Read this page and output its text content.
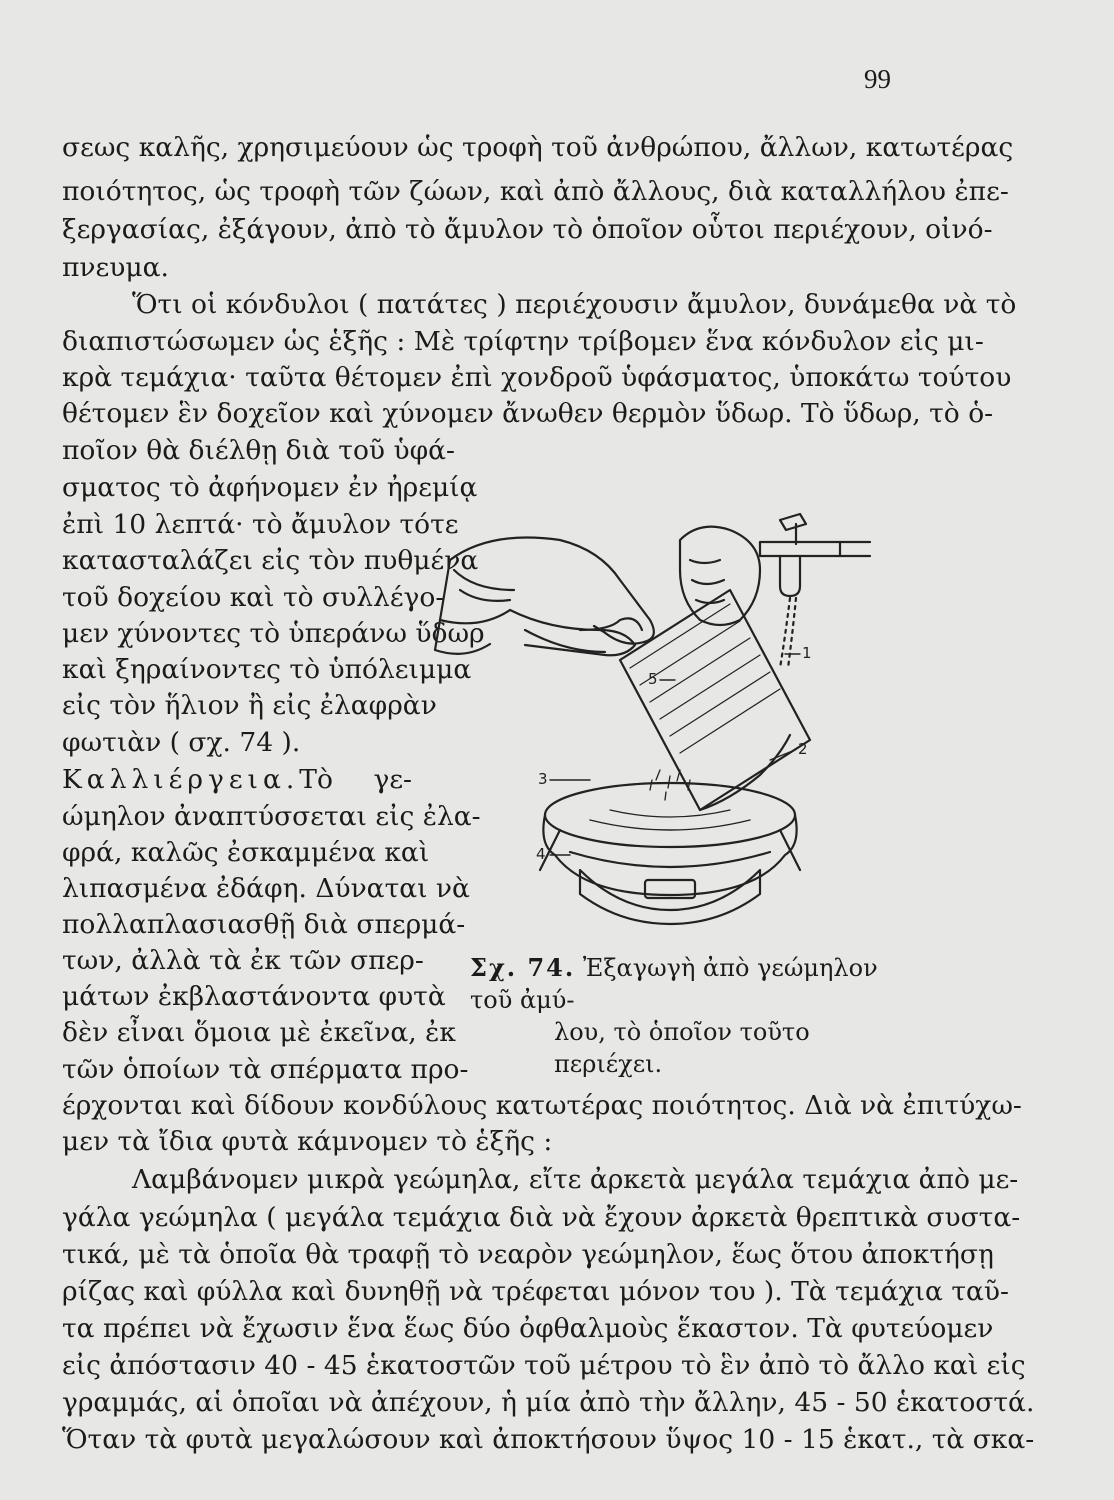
99
σεως καλῆς, χρησιμεύουν ὡς τροφὴ τοῦ ἀνθρώπου, ἄλλων, κατωτέρας
ποιότητος, ὡς τροφὴ τῶν ζώων, καὶ ἀπὸ ἄλλους, διὰ καταλλήλου ἐπε-
ξεργασίας, ἐξάγουν, ἀπὸ τὸ ἄμυλον τὸ ὁποῖον οὗτοι περιέχουν, οἰνό-
πνευμα.
Ὅτι οἱ κόνδυλοι ( πατάτες ) περιέχουσιν ἄμυλον, δυνάμεθα νὰ τὸ
διαπιστώσωμεν ὡς ἑξῆς : Μὲ τρίφτην τρίβομεν ἕνα κόνδυλον εἰς μι-
κρὰ τεμάχια· ταῦτα θέτομεν ἐπὶ χονδροῦ ὑφάσματος, ὑποκάτω τούτου
θέτομεν ἓν δοχεῖον καὶ χύνομεν ἄνωθεν θερμὸν ὕδωρ. Τὸ ὕδωρ, τὸ ὁ-
ποῖον θὰ διέλθῃ διὰ τοῦ ὑφά-
σματος τὸ ἀφήνομεν ἐν ἠρεμίᾳ
ἐπὶ 10 λεπτά· τὸ ἄμυλον τότε
κατασταλάζει εἰς τὸν πυθμένα
τοῦ δοχείου καὶ τὸ συλλέγο-
μεν χύνοντες τὸ ὑπεράνω ὕδωρ
καὶ ξηραίνοντες τὸ ὑπόλειμμα
εἰς τὸν ἥλιον ἢ εἰς ἐλαφρὰν
φωτιὰν ( σχ. 74 ).
Καλλιέργεια.Τὸ γε-
ώμηλον ἀναπτύσσεται εἰς ἐλα-
φρά, καλῶς ἐσκαμμένα καὶ
λιπασμένα ἐδάφη. Δύναται νὰ
πολλαπλασιασθῇ διὰ σπερμά-
των, ἀλλὰ τὰ ἐκ τῶν σπερ-
μάτων ἐκβλαστάνοντα φυτὰ
δὲν εἶναι ὅμοια μὲ ἐκεῖνα, ἐκ
τῶν ὁποίων τὰ σπέρματα προ-
έρχονται καὶ δίδουν κονδύλους κατωτέρας ποιότητος. Διὰ νὰ ἐπιτύχω-
μεν τὰ ἴδια φυτὰ κάμνομεν τὸ ἑξῆς :
Λαμβάνομεν μικρὰ γεώμηλα, εἴτε ἀρκετὰ μεγάλα τεμάχια ἀπὸ με-
γάλα γεώμηλα ( μεγάλα τεμάχια διὰ νὰ ἔχουν ἀρκετὰ θρεπτικὰ συστα-
τικά, μὲ τὰ ὁποῖα θὰ τραφῇ τὸ νεαρὸν γεώμηλον, ἕως ὅτου ἀποκτήσῃ
ρίζας καὶ φύλλα καὶ δυνηθῇ νὰ τρέφεται μόνον του ). Τὰ τεμάχια ταῦ-
τα πρέπει νὰ ἔχωσιν ἕνα ἕως δύο ὀφθαλμοὺς ἕκαστον. Τὰ φυτεύομεν
εἰς ἀπόστασιν 40 - 45 ἑκατοστῶν τοῦ μέτρου τὸ ἓν ἀπὸ τὸ ἄλλο καὶ εἰς
γραμμάς, αἱ ὁποῖαι νὰ ἀπέχουν, ἡ μία ἀπὸ τὴν ἄλλην, 45 - 50 ἑκατοστά.
Ὅταν τὰ φυτὰ μεγαλώσουν καὶ ἀποκτήσουν ὕψος 10 - 15 ἑκατ., τὰ σκα-
1
2
3
4
5
Σχ. 74. Ἐξαγωγὴ ἀπὸ γεώμηλον τοῦ ἀμύ-
λου, τὸ ὁποῖον τοῦτο περιέχει.
